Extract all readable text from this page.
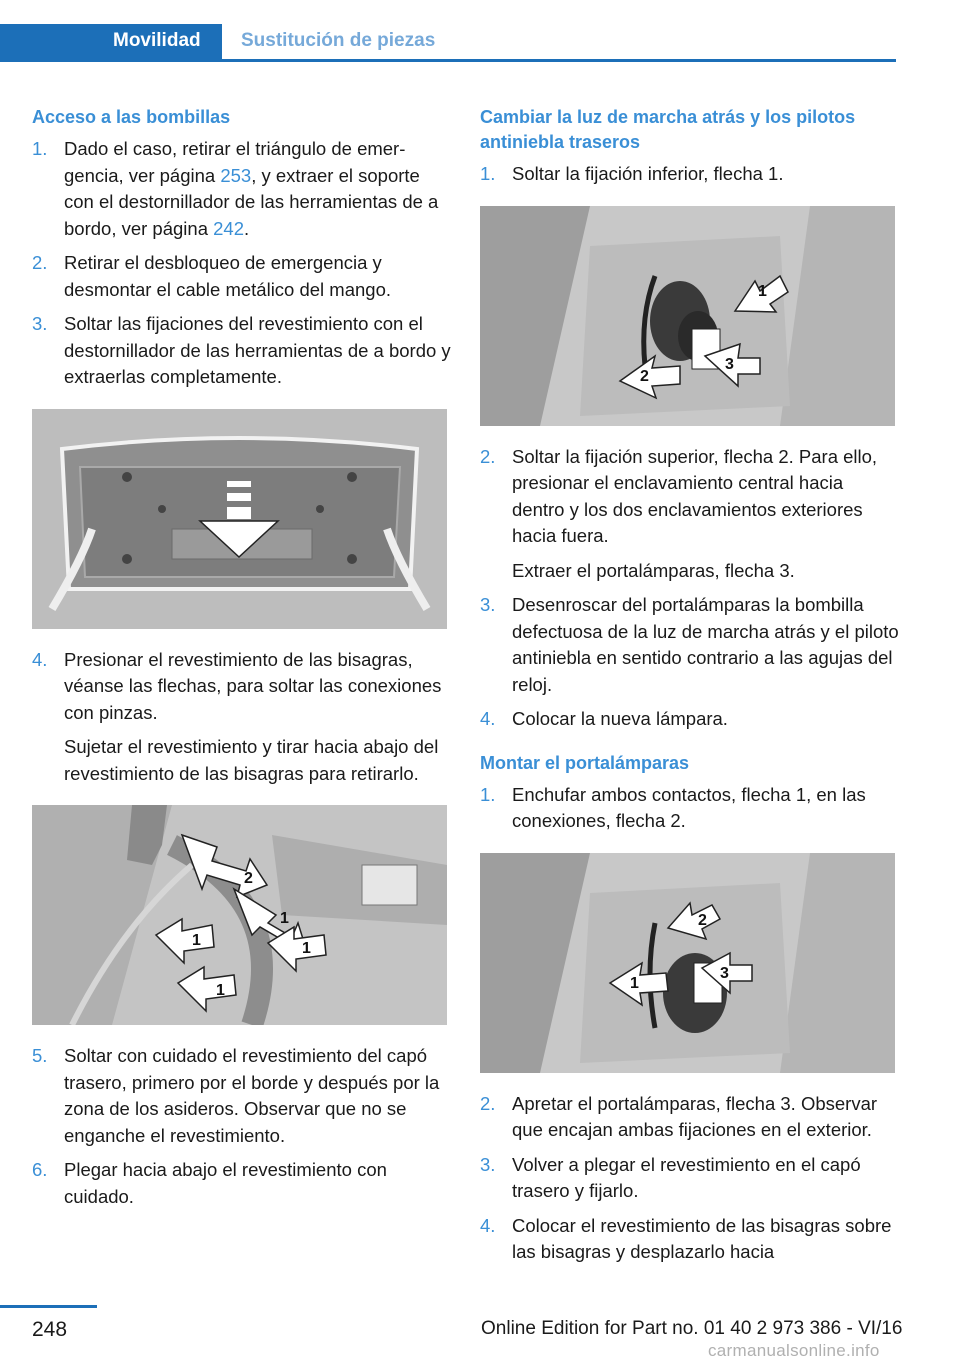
Movilidad Sustitución de piezas
Acceso a las bombillas
1. Dado el caso, retirar el triángulo de emergencia, ver página 253, y extraer el soporte con el destornillador de las herramientas de a bordo, ver página 242.
2. Retirar el desbloqueo de emergencia y desmontar el cable metálico del mango.
3. Soltar las fijaciones del revestimiento con el destornillador de las herramientas de a bordo y extraerlas completamente.
4. Presionar el revestimiento de las bisagras, véanse las flechas, para soltar las conexiones con pinzas.
Sujetar el revestimiento y tirar hacia abajo del revestimiento de las bisagras para retirarlo.
2
1
1	1
1
5. Soltar con cuidado el revestimiento del capó trasero, primero por el borde y después por la zona de los asideros. Observar que no se enganche el revestimiento.
6. Plegar hacia abajo el revestimiento con cuidado.
Cambiar la luz de marcha atrás y los pilotos antiniebla traseros
1. Soltar la fijación inferior, flecha 1.
1
2
3
2. Soltar la fijación superior, flecha 2. Para ello, presionar el enclavamiento central hacia dentro y los dos enclavamientos exteriores hacia fuera.
Extraer el portalámparas, flecha 3.
3. Desenroscar del portalámparas la bombilla defectuosa de la luz de marcha atrás y el piloto antiniebla en sentido contrario a las agujas del reloj.
4. Colocar la nueva lámpara.
Montar el portalámparas
1. Enchufar ambos contactos, flecha 1, en las conexiones, flecha 2.
2
1
3
2. Apretar el portalámparas, flecha 3. Observar que encajan ambas fijaciones en el exterior.
3. Volver a plegar el revestimiento en el capó trasero y fijarlo.
4. Colocar el revestimiento de las bisagras sobre las bisagras y desplazarlo hacia
248	Online Edition for Part no. 01 40 2 973 386 - VI/16
carmanualsonline.info
